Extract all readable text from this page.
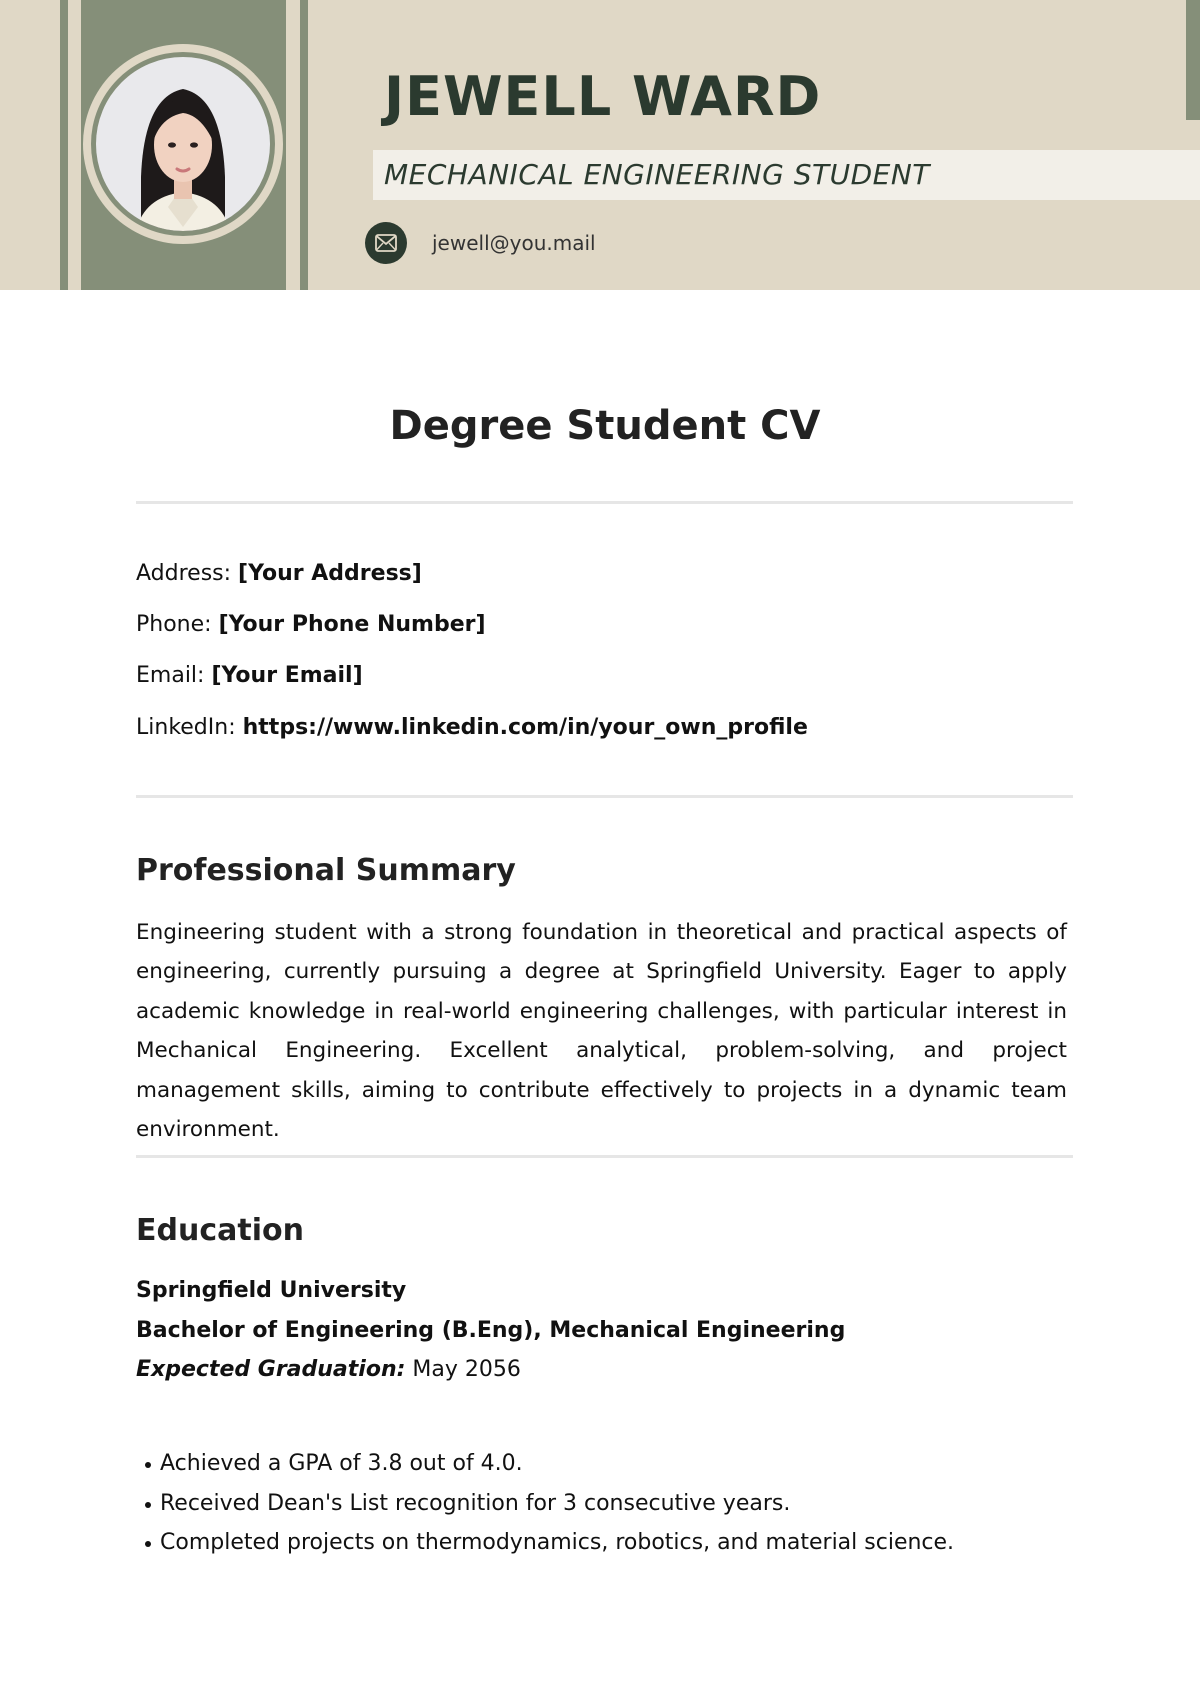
JEWELL WARD
MECHANICAL ENGINEERING STUDENT
jewell@you.mail
Degree Student CV
Address: [Your Address]
Phone: [Your Phone Number]
Email: [Your Email]
LinkedIn: https://www.linkedin.com/in/your_own_profile
Professional Summary

Engineering student with a strong foundation in theoretical and practical aspects of engineering, currently pursuing a degree at Springfield University. Eager to apply academic knowledge in real-world engineering challenges, with particular interest in Mechanical Engineering. Excellent analytical, problem-solving, and project management skills, aiming to contribute effectively to projects in a dynamic team environment.

Education
Springfield University
Bachelor of Engineering (B.Eng), Mechanical Engineering
Expected Graduation: May 2056
Achieved a GPA of 3.8 out of 4.0.
Received Dean's List recognition for 3 consecutive years.
Completed projects on thermodynamics, robotics, and material science.
